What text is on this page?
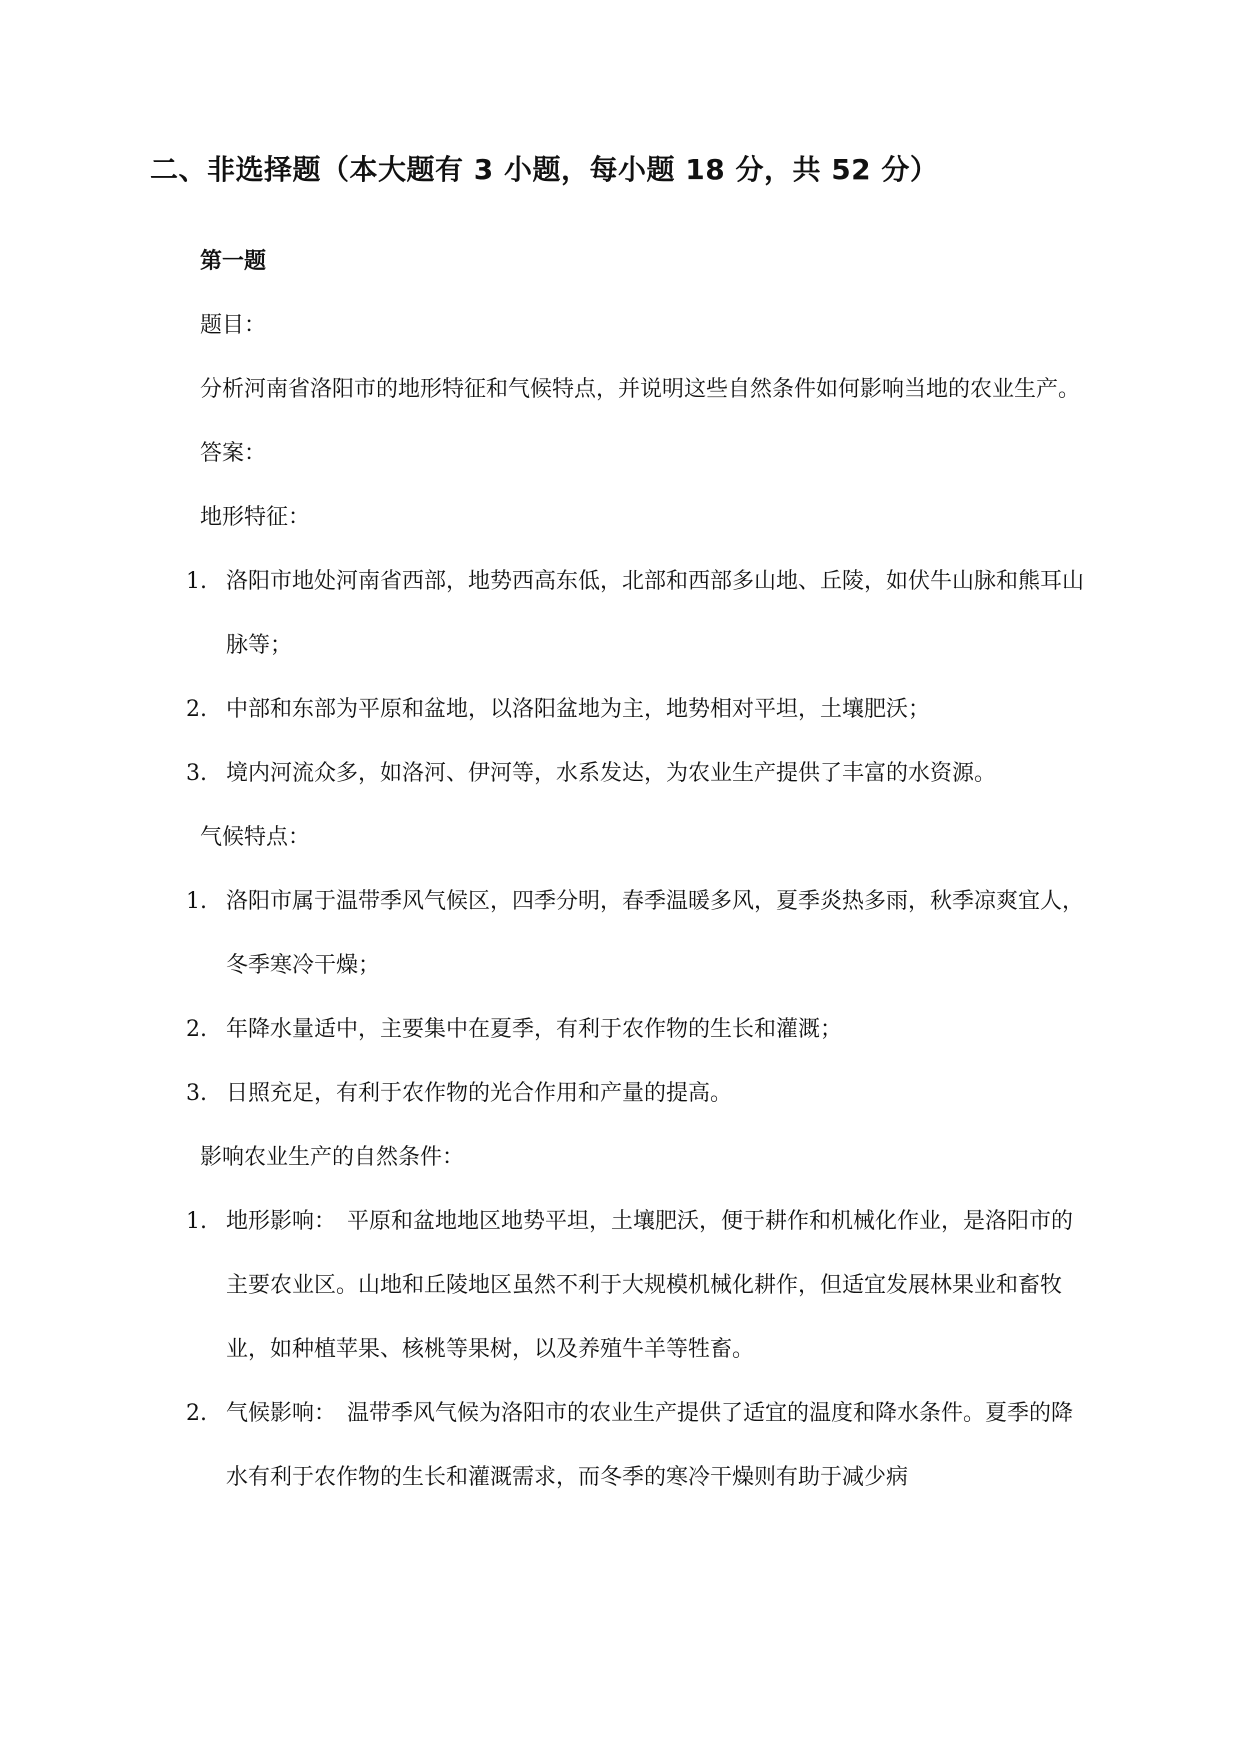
二、非选择题（本大题有 3 小题，每小题 18 分，共 52 分）

第一题

题目：

分析河南省洛阳市的地形特征和气候特点，并说明这些自然条件如何影响当地的农业生产。

答案：

地形特征：

1. 洛阳市地处河南省西部，地势西高东低，北部和西部多山地、丘陵，如伏牛山脉和熊耳山脉等；
2. 中部和东部为平原和盆地，以洛阳盆地为主，地势相对平坦，土壤肥沃；
3. 境内河流众多，如洛河、伊河等，水系发达，为农业生产提供了丰富的水资源。

气候特点：

1. 洛阳市属于温带季风气候区，四季分明，春季温暖多风，夏季炎热多雨，秋季凉爽宜人，冬季寒冷干燥；
2. 年降水量适中，主要集中在夏季，有利于农作物的生长和灌溉；
3. 日照充足，有利于农作物的光合作用和产量的提高。

影响农业生产的自然条件：

1. 地形影响：　平原和盆地地区地势平坦，土壤肥沃，便于耕作和机械化作业，是洛阳市的主要农业区。山地和丘陵地区虽然不利于大规模机械化耕作，但适宜发展林果业和畜牧业，如种植苹果、核桃等果树，以及养殖牛羊等牲畜。
2. 气候影响：　温带季风气候为洛阳市的农业生产提供了适宜的温度和降水条件。夏季的降水有利于农作物的生长和灌溉需求，而冬季的寒冷干燥则有助于减少病
